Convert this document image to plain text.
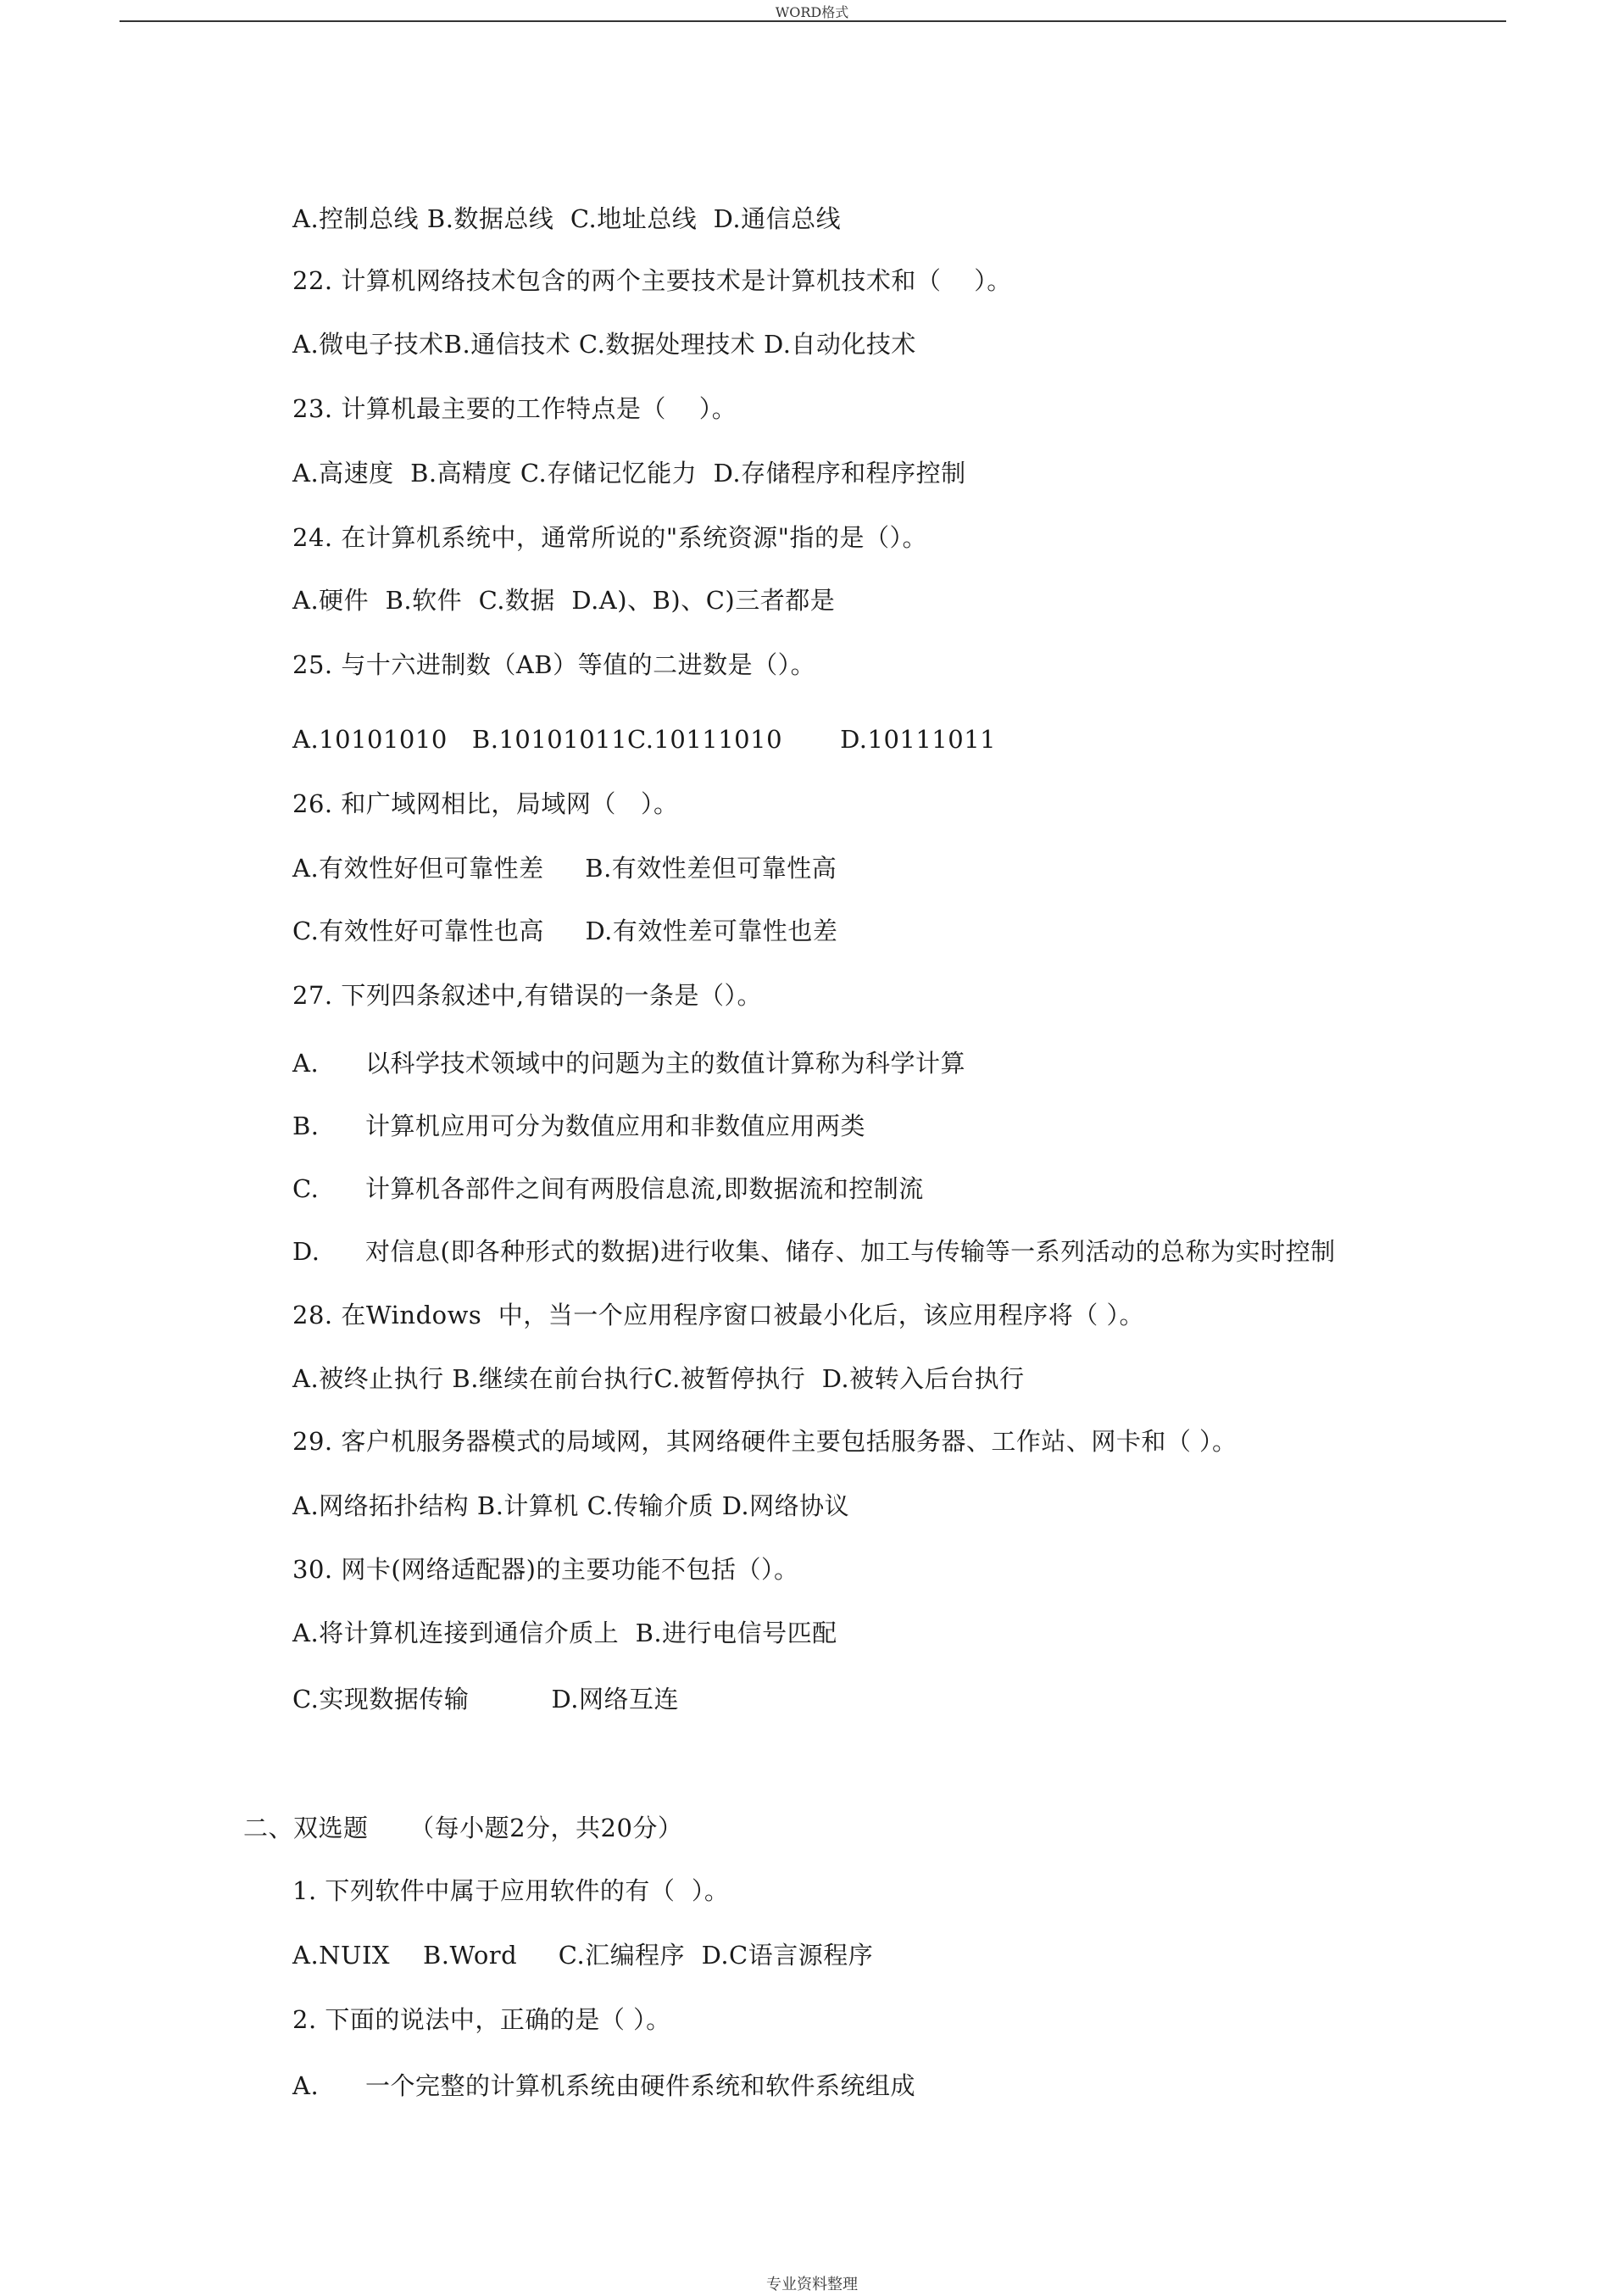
WORD格式
A.控制总线 B.数据总线  C.地址总线  D.通信总线
22. 计算机网络技术包含的两个主要技术是计算机技术和（    ）。
A.微电子技术B.通信技术 C.数据处理技术 D.自动化技术
23. 计算机最主要的工作特点是（    ）。
A.高速度  B.高精度 C.存储记忆能力  D.存储程序和程序控制
24. 在计算机系统中，通常所说的"系统资源"指的是（）。
A.硬件  B.软件  C.数据  D.A)、B)、C)三者都是
25. 与十六进制数（AB）等值的二进数是（）。
A.10101010   B.10101011C.10111010       D.10111011
26. 和广域网相比，局域网（   ）。
A.有效性好但可靠性差     B.有效性差但可靠性高
C.有效性好可靠性也高     D.有效性差可靠性也差
27. 下列四条叙述中,有错误的一条是（）。
A. 以科学技术领域中的问题为主的数值计算称为科学计算
B. 计算机应用可分为数值应用和非数值应用两类
C. 计算机各部件之间有两股信息流,即数据流和控制流
D. 对信息(即各种形式的数据)进行收集、储存、加工与传输等一系列活动的总称为实时控制
28. 在Windows  中，当一个应用程序窗口被最小化后，该应用程序将（ ）。
A.被终止执行 B.继续在前台执行C.被暂停执行  D.被转入后台执行
29. 客户机服务器模式的局域网，其网络硬件主要包括服务器、工作站、网卡和（ ）。
A.网络拓扑结构 B.计算机 C.传输介质 D.网络协议
30. 网卡(网络适配器)的主要功能不包括（）。
A.将计算机连接到通信介质上  B.进行电信号匹配
C.实现数据传输          D.网络互连
二、双选题     （每小题2分，共20分）
1. 下列软件中属于应用软件的有（  ）。
A.NUIX    B.Word     C.汇编程序  D.C语言源程序
2. 下面的说法中，正确的是（ ）。
A. 一个完整的计算机系统由硬件系统和软件系统组成
专业资料整理
